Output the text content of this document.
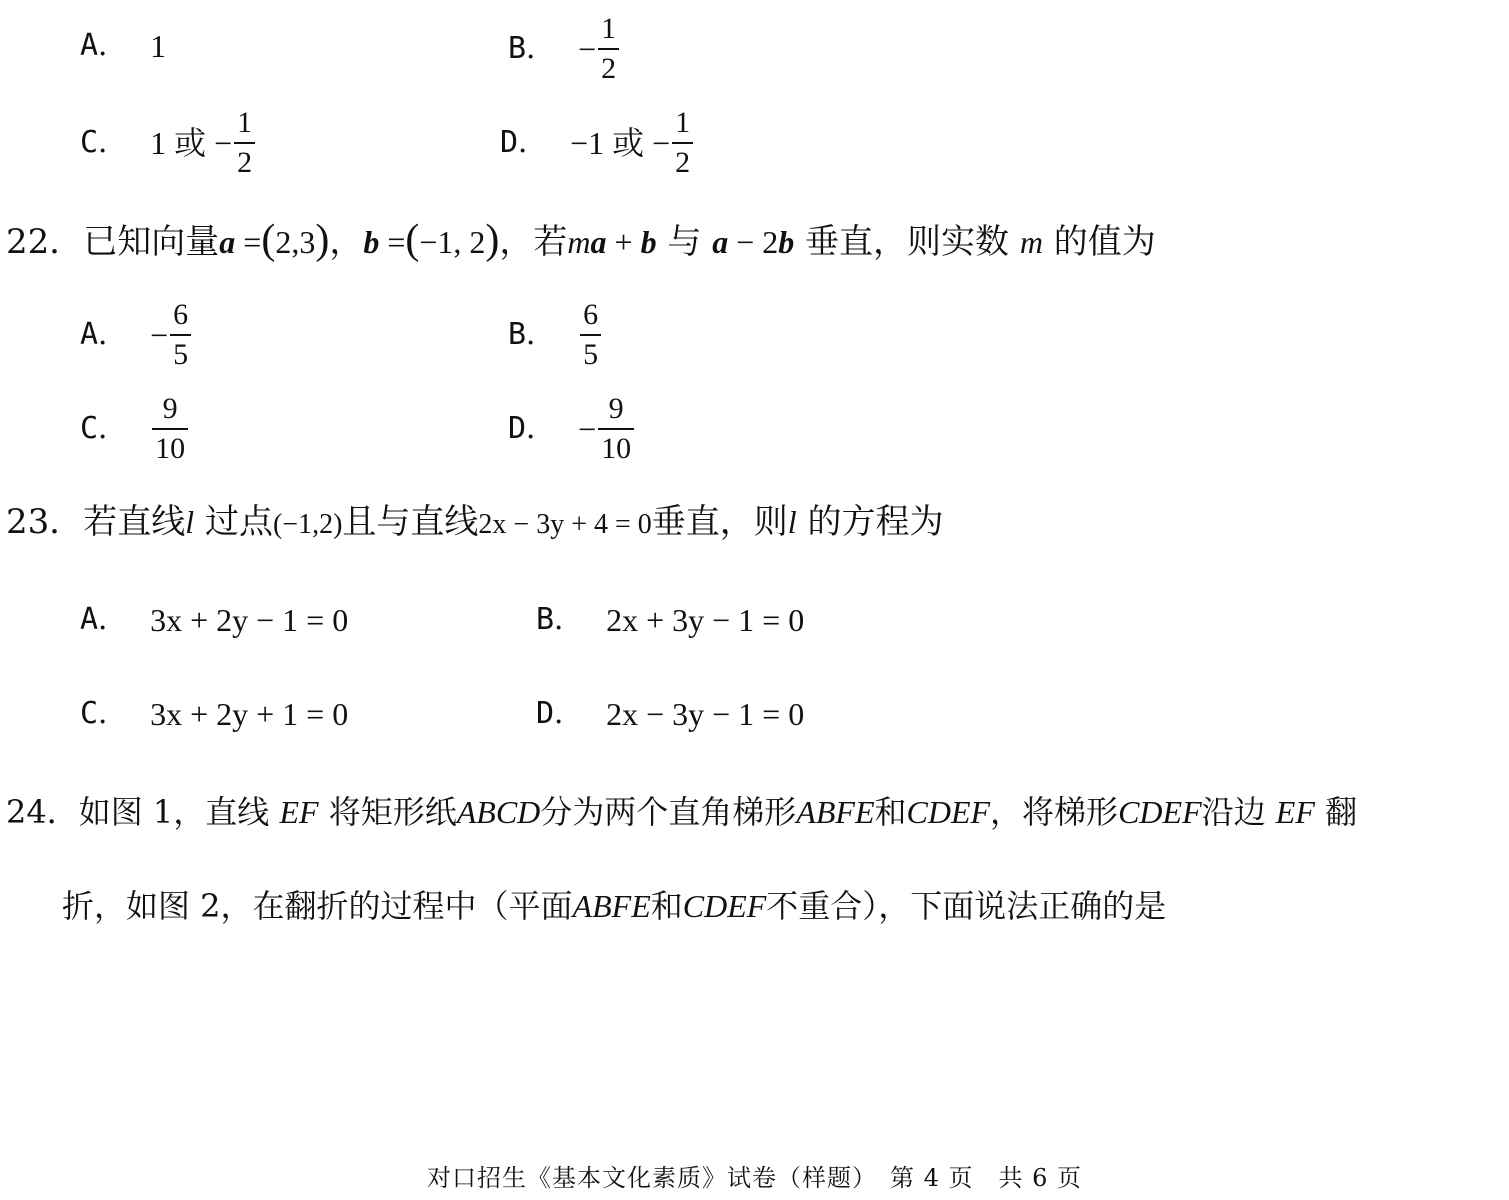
A． 1	B． − $\frac{1}{2}$
C． 1 或 − $\frac{1}{2}$	D． −1 或 − $\frac{1}{2}$
22．已知向量a =(2,3)，b =(−1, 2)，若ma + b 与 a − 2b 垂直，则实数 m 的值为
A． − $\frac{6}{5}$	B． $\frac{6}{5}$
C． $\frac{9}{10}$	D． − $\frac{9}{10}$
23．若直线l 过点(−1,2)且与直线2x − 3y + 4 = 0垂直，则l 的方程为
A． 3x + 2y − 1 = 0	B． 2x + 3y − 1 = 0
C． 3x + 2y + 1 = 0	D． 2x − 3y − 1 = 0
24．如图 1，直线 EF 将矩形纸ABCD分为两个直角梯形ABFE和CDEF，将梯形CDEF沿边 EF 翻
折，如图 2，在翻折的过程中（平面ABFE和CDEF不重合），下面说法正确的是
对口招生《基本文化素质》试卷（样题）　第 4 页　共 6 页
